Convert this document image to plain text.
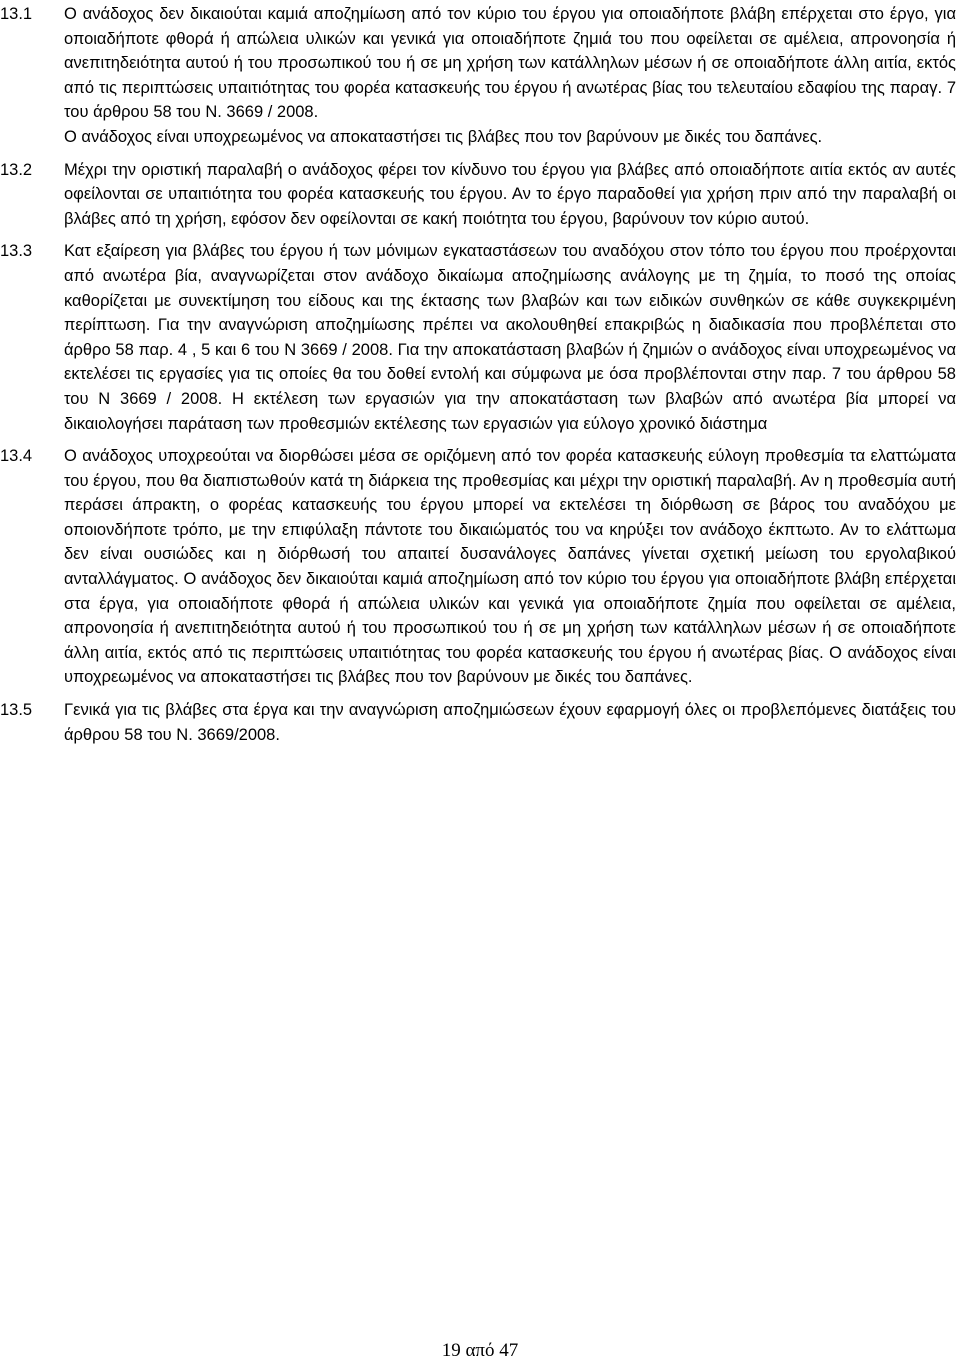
13.1	Ο ανάδοχος δεν δικαιούται καμιά αποζημίωση από τον κύριο του έργου για οποιαδήποτε βλάβη επέρχεται στο έργο, για οποιαδήποτε φθορά ή απώλεια υλικών και γενικά για οποιαδήποτε ζημιά του που οφείλεται σε αμέλεια, απρονοησία ή ανεπιτηδειότητα αυτού ή του προσωπικού του ή σε μη χρήση των κατάλληλων μέσων ή σε οποιαδήποτε άλλη αιτία, εκτός από τις περιπτώσεις υπαιτιότητας του φορέα κατασκευής του έργου ή ανωτέρας βίας του τελευταίου εδαφίου της παραγ. 7 του άρθρου 58 του Ν. 3669 / 2008.

Ο ανάδοχος είναι υποχρεωμένος να αποκαταστήσει τις βλάβες που τον βαρύνουν με δικές του δαπάνες.

13.2	Μέχρι την οριστική παραλαβή ο ανάδοχος φέρει τον κίνδυνο του έργου για βλάβες από οποιαδήποτε αιτία εκτός αν αυτές οφείλονται σε υπαιτιότητα του φορέα κατασκευής του έργου. Αν το έργο παραδοθεί για χρήση πριν από την παραλαβή οι βλάβες από τη χρήση, εφόσον δεν οφείλονται σε κακή ποιότητα του έργου, βαρύνουν τον κύριο αυτού.

13.3	Κατ εξαίρεση για βλάβες του έργου ή των μόνιμων εγκαταστάσεων του αναδόχου στον τόπο του έργου που προέρχονται από ανωτέρα βία, αναγνωρίζεται στον ανάδοχο δικαίωμα αποζημίωσης ανάλογης με τη ζημία, το ποσό της οποίας καθορίζεται με συνεκτίμηση του είδους και της έκτασης των βλαβών και των ειδικών συνθηκών σε κάθε συγκεκριμένη περίπτωση. Για την αναγνώριση αποζημίωσης πρέπει να ακολουθηθεί επακριβώς η διαδικασία που προβλέπεται στο άρθρο 58 παρ. 4 , 5 και 6 του Ν 3669 / 2008. Για την αποκατάσταση βλαβών ή ζημιών ο ανάδοχος είναι υποχρεωμένος να εκτελέσει τις εργασίες για τις οποίες θα του δοθεί εντολή και σύμφωνα με όσα προβλέπονται στην παρ. 7 του άρθρου 58 του Ν 3669 / 2008. Η εκτέλεση των εργασιών για την αποκατάσταση των βλαβών από ανωτέρα βία μπορεί να δικαιολογήσει παράταση των προθεσμιών εκτέλεσης των εργασιών για εύλογο χρονικό διάστημα

13.4	Ο ανάδοχος υποχρεούται να διορθώσει μέσα σε οριζόμενη από τον φορέα κατασκευής εύλογη προθεσμία τα ελαττώματα του έργου, που θα διαπιστωθούν κατά τη διάρκεια της προθεσμίας και μέχρι την οριστική παραλαβή. Αν η προθεσμία αυτή περάσει άπρακτη, ο φορέας κατασκευής του έργου μπορεί να εκτελέσει τη διόρθωση σε βάρος του αναδόχου με οποιονδήποτε τρόπο, με την επιφύλαξη πάντοτε του δικαιώματός του να κηρύξει τον ανάδοχο έκπτωτο. Αν το ελάττωμα δεν είναι ουσιώδες και η διόρθωσή του απαιτεί δυσανάλογες δαπάνες γίνεται σχετική μείωση του εργολαβικού ανταλλάγματος. Ο ανάδοχος δεν δικαιούται καμιά αποζημίωση από τον κύριο του έργου για οποιαδήποτε βλάβη επέρχεται στα έργα, για οποιαδήποτε φθορά ή απώλεια υλικών και γενικά για οποιαδήποτε ζημία που οφείλεται σε αμέλεια, απρονοησία ή ανεπιτηδειότητα αυτού ή του προσωπικού του ή σε μη χρήση των κατάλληλων μέσων ή σε οποιαδήποτε άλλη αιτία, εκτός από τις περιπτώσεις υπαιτιότητας του φορέα κατασκευής του έργου ή ανωτέρας βίας. Ο ανάδοχος είναι υποχρεωμένος να αποκαταστήσει τις βλάβες που τον βαρύνουν με δικές του δαπάνες.

13.5	Γενικά για τις βλάβες στα έργα και την αναγνώριση αποζημιώσεων έχουν εφαρμογή όλες οι προβλεπόμενες διατάξεις του άρθρου 58 του Ν. 3669/2008.

19 από 47
